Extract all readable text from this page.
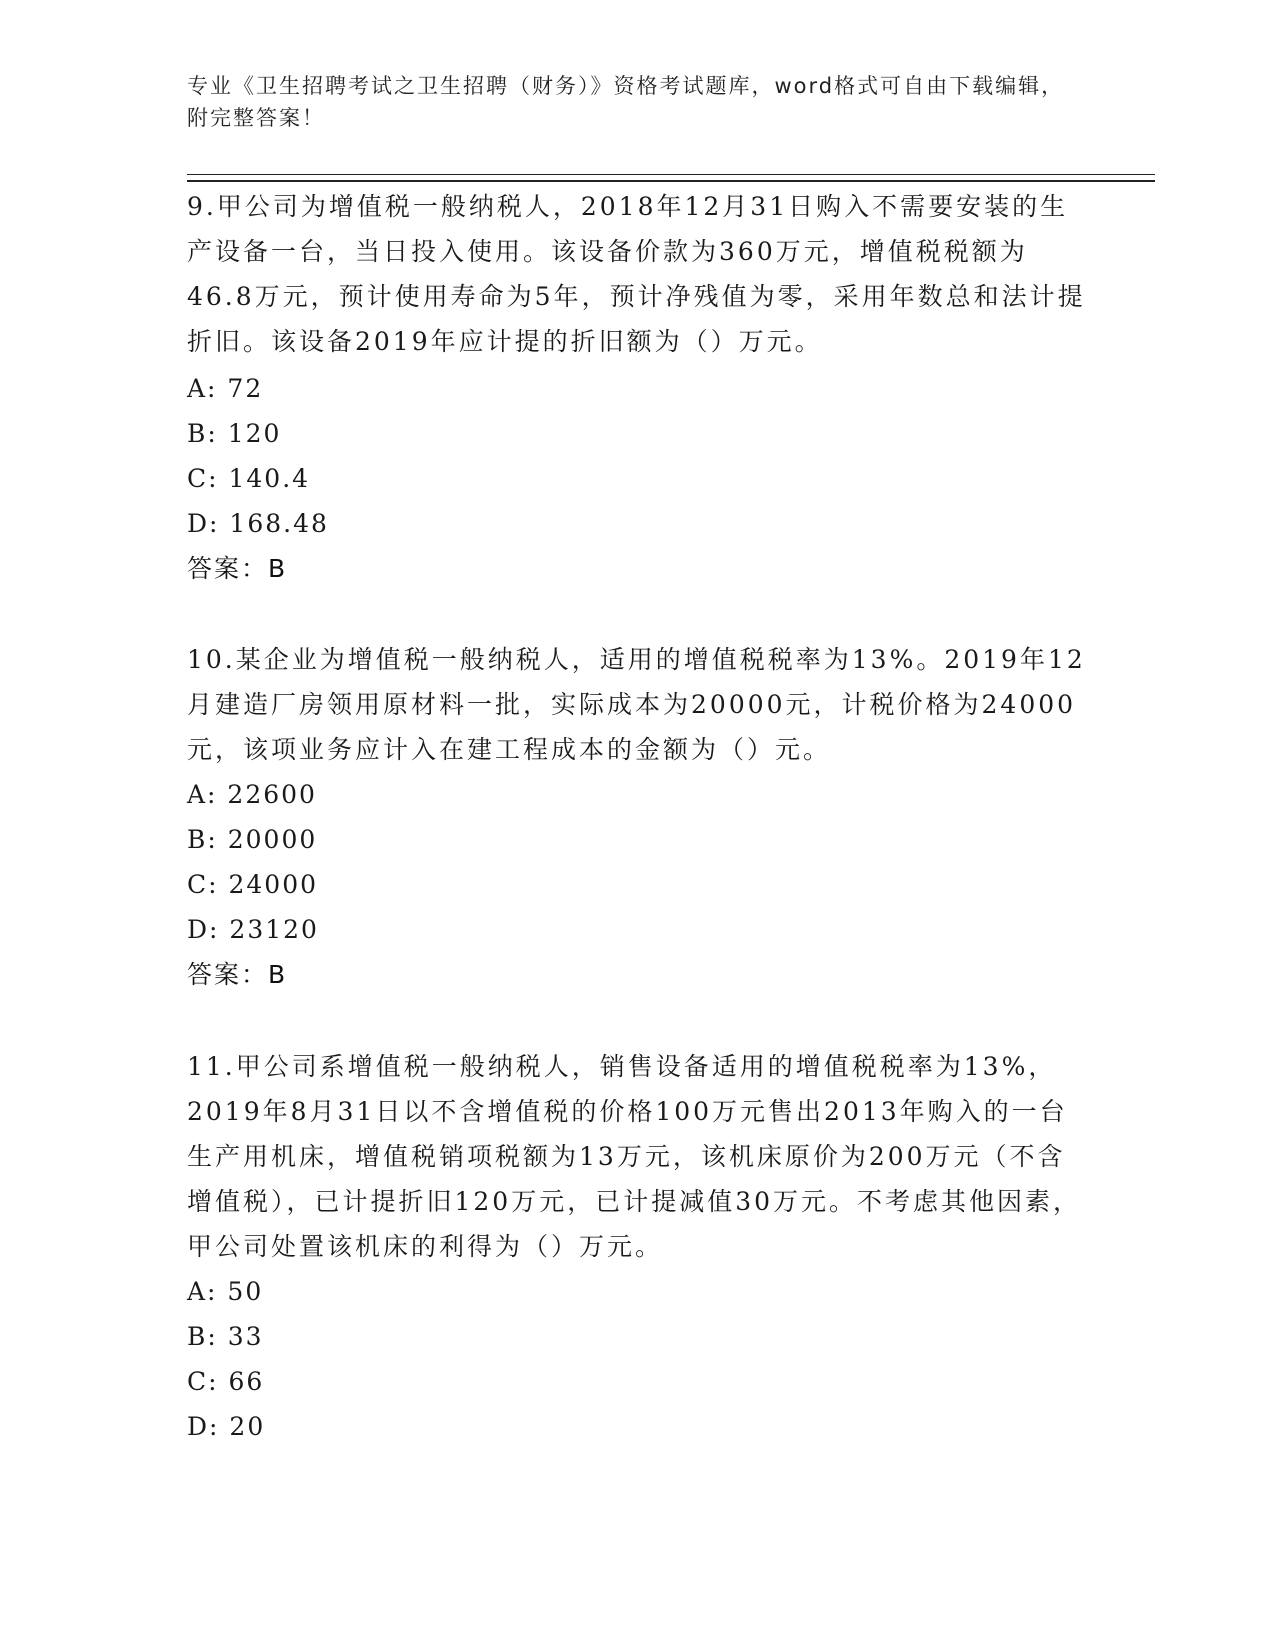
专业《卫生招聘考试之卫生招聘（财务）》资格考试题库，word格式可自由下载编辑，附完整答案！

9.甲公司为增值税一般纳税人，2018年12月31日购入不需要安装的生产设备一台，当日投入使用。该设备价款为360万元，增值税税额为46.8万元，预计使用寿命为5年，预计净残值为零，采用年数总和法计提折旧。该设备2019年应计提的折旧额为（）万元。

A: 72
B: 120
C: 140.4
D: 168.48
答案：B

10.某企业为增值税一般纳税人，适用的增值税税率为13%。2019年12月建造厂房领用原材料一批，实际成本为20000元，计税价格为24000元，该项业务应计入在建工程成本的金额为（）元。

A: 22600
B: 20000
C: 24000
D: 23120
答案：B

11.甲公司系增值税一般纳税人，销售设备适用的增值税税率为13%，2019年8月31日以不含增值税的价格100万元售出2013年购入的一台生产用机床，增值税销项税额为13万元，该机床原价为200万元（不含增值税），已计提折旧120万元，已计提减值30万元。不考虑其他因素，甲公司处置该机床的利得为（）万元。

A: 50
B: 33
C: 66
D: 20
